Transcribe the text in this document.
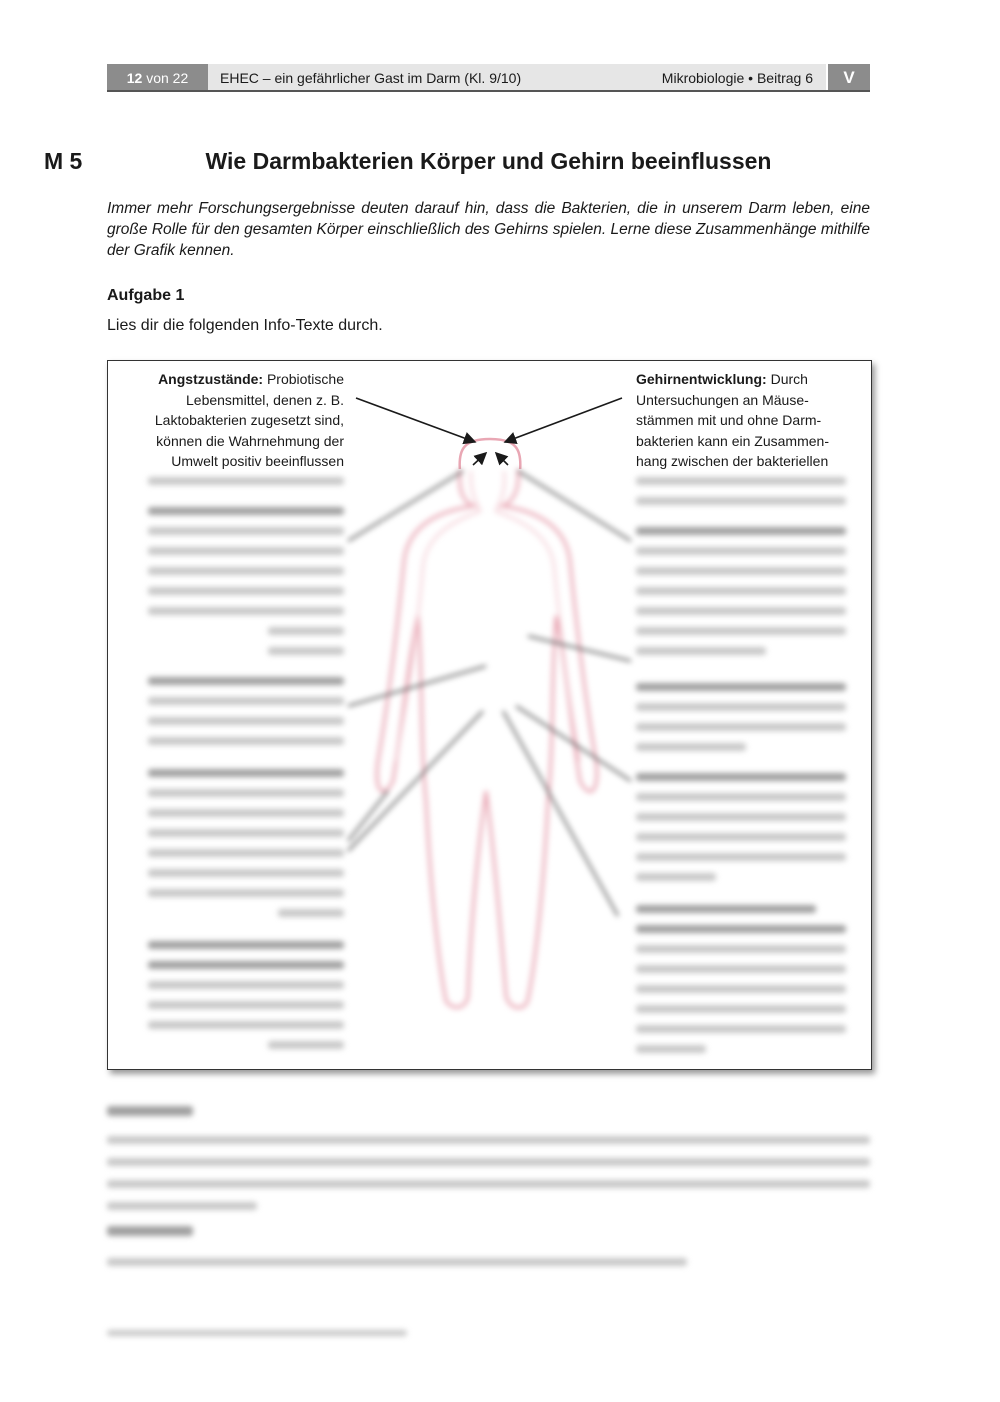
12 von 22	EHEC – ein gefährlicher Gast im Darm (Kl. 9/10)	Mikrobiologie • Beitrag 6	V
M 5	Wie Darmbakterien Körper und Gehirn beeinflussen

Immer mehr Forschungsergebnisse deuten darauf hin, dass die Bakterien, die in unserem Darm leben, eine große Rolle für den gesamten Körper einschließlich des Gehirns spielen. Lerne diese Zusammenhänge mithilfe der Grafik kennen.

Aufgabe 1
Lies dir die folgenden Info-Texte durch.
Angstzustände: Probiotische
Lebensmittel, denen z. B.
Laktobakterien zugesetzt sind,
können die Wahrnehmung der
Umwelt positiv beeinflussen
Gehirnentwicklung: Durch
Untersuchungen an Mäuse-
stämmen mit und ohne Darm-
bakterien kann ein Zusammen-
hang zwischen der bakteriellen
